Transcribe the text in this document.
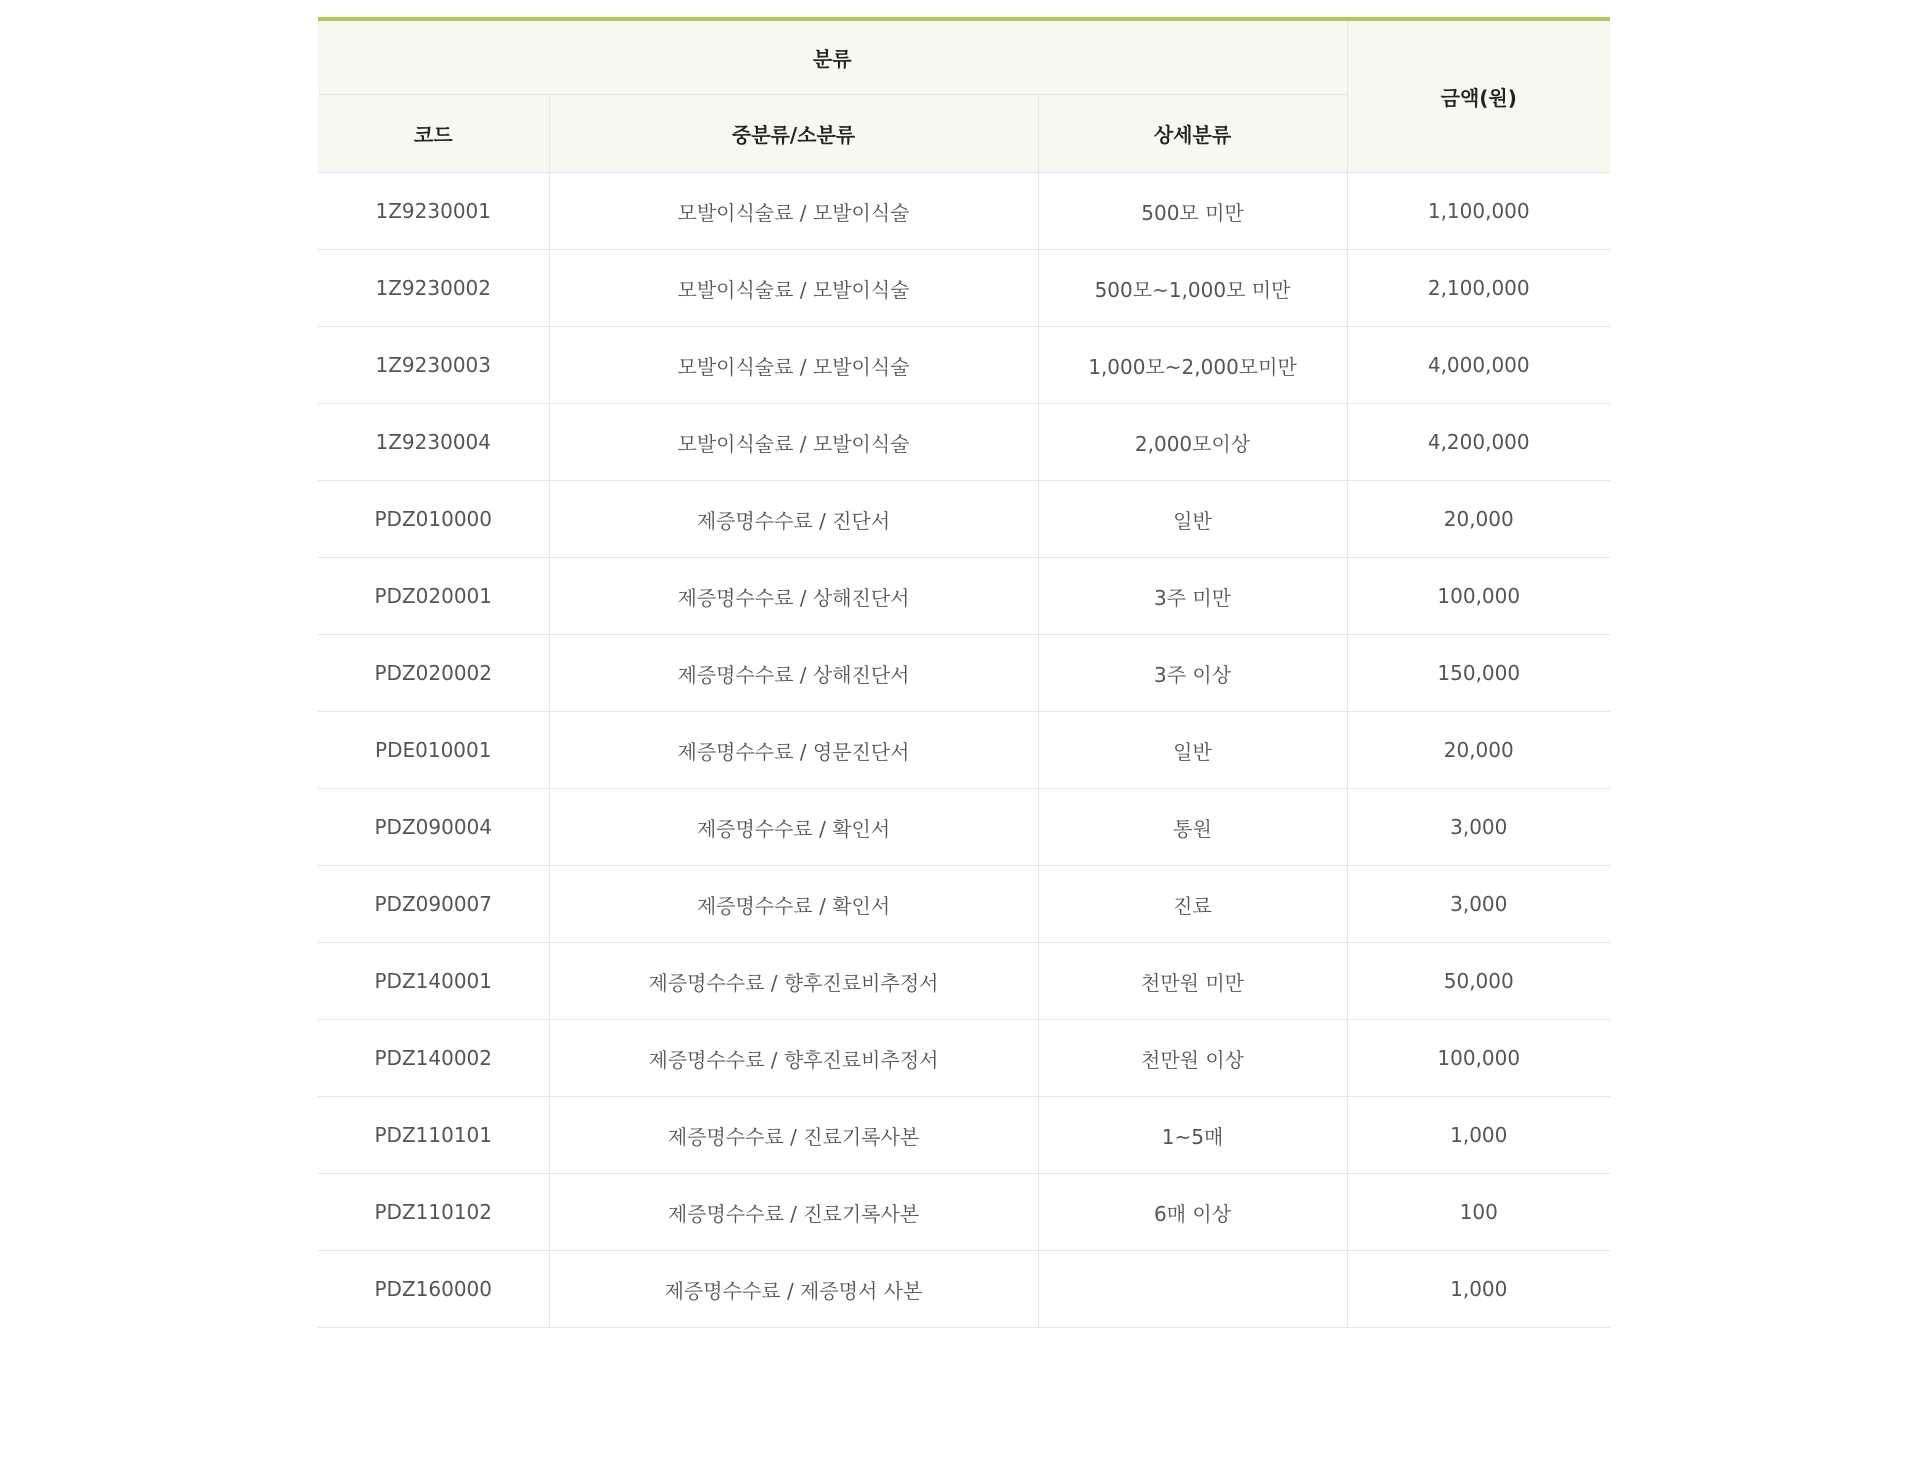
분류			금액(원)
코드	중분류/소분류	상세분류	
1Z9230001	모발이식술료 / 모발이식술	500모 미만	1,100,000
1Z9230002	모발이식술료 / 모발이식술	500모~1,000모 미만	2,100,000
1Z9230003	모발이식술료 / 모발이식술	1,000모~2,000모미만	4,000,000
1Z9230004	모발이식술료 / 모발이식술	2,000모이상	4,200,000
PDZ010000	제증명수수료 / 진단서	일반	20,000
PDZ020001	제증명수수료 / 상해진단서	3주 미만	100,000
PDZ020002	제증명수수료 / 상해진단서	3주 이상	150,000
PDE010001	제증명수수료 / 영문진단서	일반	20,000
PDZ090004	제증명수수료 / 확인서	통원	3,000
PDZ090007	제증명수수료 / 확인서	진료	3,000
PDZ140001	제증명수수료 / 향후진료비추정서	천만원 미만	50,000
PDZ140002	제증명수수료 / 향후진료비추정서	천만원 이상	100,000
PDZ110101	제증명수수료 / 진료기록사본	1~5매	1,000
PDZ110102	제증명수수료 / 진료기록사본	6매 이상	100
PDZ160000	제증명수수료 / 제증명서 사본		1,000
